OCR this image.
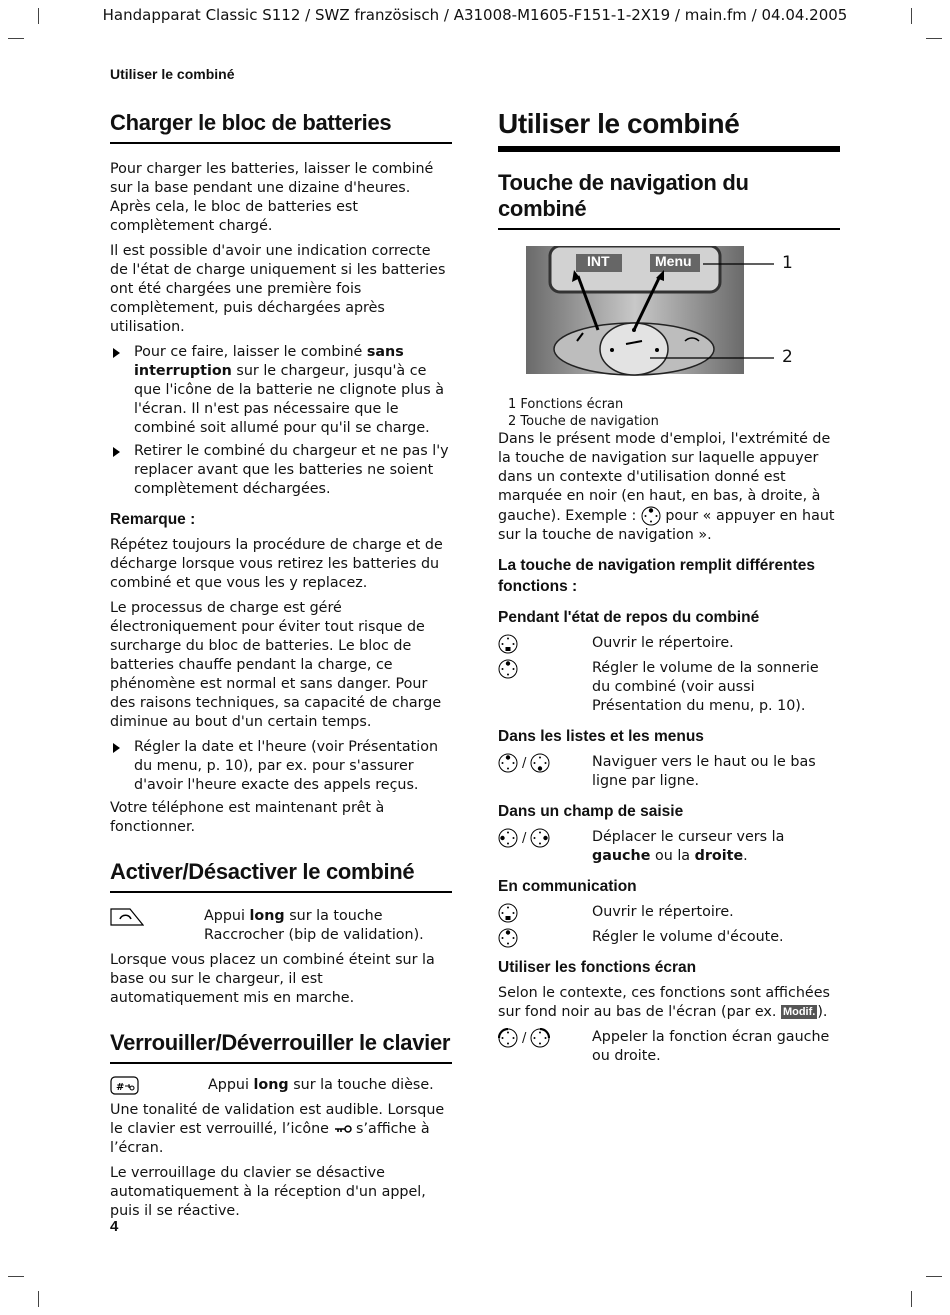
Handapparat Classic S112 / SWZ französisch / A31008-M1605-F151-1-2X19 / main.fm / 04.04.2005
Utiliser le combiné
Charger le bloc de batteries

Pour charger les batteries, laisser le combiné sur la base pendant une dizaine d'heures. Après cela, le bloc de batteries est complètement chargé.

Il est possible d'avoir une indication correcte de l'état de charge uniquement si les batteries ont été chargées une première fois complètement, puis déchargées après utilisation.

Pour ce faire, laisser le combiné sans interruption sur le chargeur, jusqu'à ce que l'icône de la batterie ne clignote plus à l'écran. Il n'est pas nécessaire que le combiné soit allumé pour qu'il se charge.
Retirer le combiné du chargeur et ne pas l'y replacer avant que les batteries ne soient complètement déchargées.
Remarque :

Répétez toujours la procédure de charge et de décharge lorsque vous retirez les batteries du combiné et que vous les y replacez.

Le processus de charge est géré électroniquement pour éviter tout risque de surcharge du bloc de batteries. Le bloc de batteries chauffe pendant la charge, ce phénomène est normal et sans danger. Pour des raisons techniques, sa capacité de charge diminue au bout d'un certain temps.

Régler la date et l'heure (voir Présentation du menu, p. 10), par ex. pour s'assurer d'avoir l'heure exacte des appels reçus.

Votre téléphone est maintenant prêt à fonctionner.

Activer/Désactiver le combiné
Appui long sur la touche Raccrocher (bip de validation).

Lorsque vous placez un combiné éteint sur la base ou sur le chargeur, il est automatiquement mis en marche.

Verrouiller/Déverrouiller le clavier
#	Appui long sur la touche dièse.

Une tonalité de validation est audible. Lorsque le clavier est verrouillé, l’icône  s’affiche à l’écran.

Le verrouillage du clavier se désactive automatiquement à la réception d'un appel, puis il se réactive.

Utiliser le combiné
Touche de navigation du combiné
INT	Menu	1
2
1 Fonctions écran
2 Touche de navigation

Dans le présent mode d'emploi, l'extrémité de la touche de navigation sur laquelle appuyer dans un contexte d'utilisation donné est marquée en noir (en haut, en bas, à droite, à gauche). Exemple :  pour « appuyer en haut sur la touche de navigation ».

La touche de navigation remplit différentes fonctions :
Pendant l'état de repos du combiné
Ouvrir le répertoire.
Régler le volume de la sonnerie du combiné (voir aussi Présentation du menu, p. 10).
Dans les listes et les menus
/	Naviguer vers le haut ou le bas ligne par ligne.
Dans un champ de saisie
/	Déplacer le curseur vers la gauche ou la droite.
En communication
Ouvrir le répertoire.
Régler le volume d'écoute.
Utiliser les fonctions écran

Selon le contexte, ces fonctions sont affichées sur fond noir au bas de l'écran (par ex. Modif. ).

/	Appeler la fonction écran gauche ou droite.
4
